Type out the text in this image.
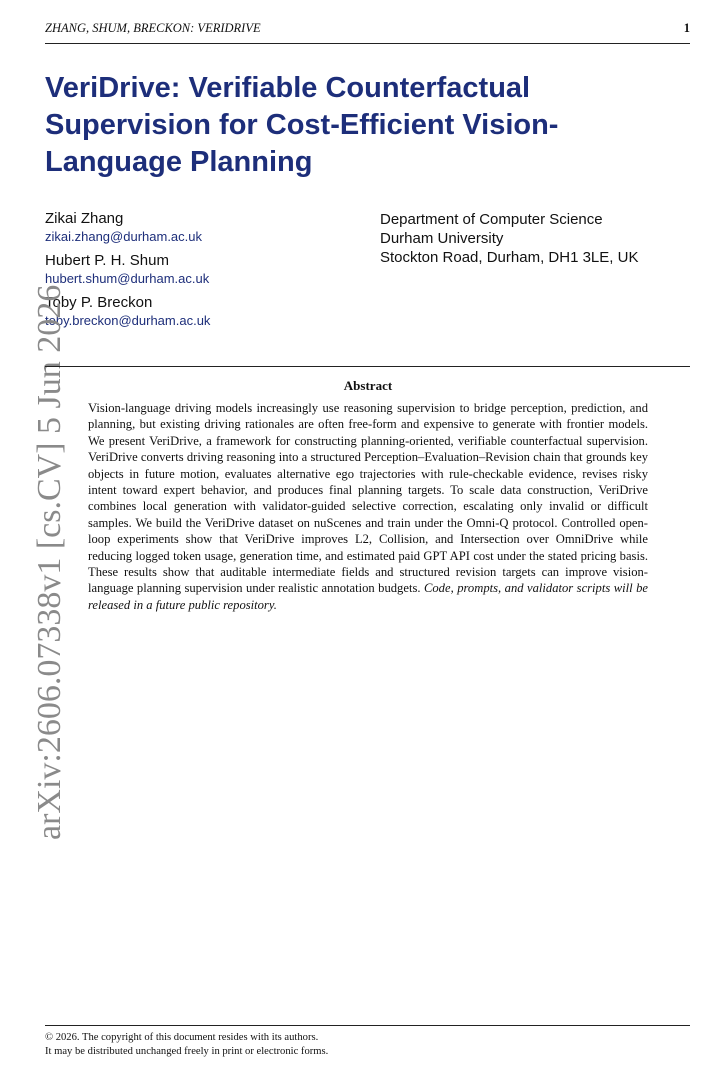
ZHANG, SHUM, BRECKON: VERIDRIVE	1
VeriDrive: Verifiable Counterfactual Supervision for Cost-Efficient Vision-Language Planning
Zikai Zhang
zikai.zhang@durham.ac.uk
Hubert P. H. Shum
hubert.shum@durham.ac.uk
Toby P. Breckon
toby.breckon@durham.ac.uk
Department of Computer Science
Durham University
Stockton Road, Durham, DH1 3LE, UK
arXiv:2606.07338v1 [cs.CV] 5 Jun 2026	Abstract

Vision-language driving models increasingly use reasoning supervision to bridge perception, prediction, and planning, but existing driving rationales are often free-form and expensive to generate with frontier models. We present VeriDrive, a framework for constructing planning-oriented, verifiable counterfactual supervision. VeriDrive converts driving reasoning into a structured Perception–Evaluation–Revision chain that grounds key objects in future motion, evaluates alternative ego trajectories with rule-checkable evidence, revises risky intent toward expert behavior, and produces final planning targets. To scale data construction, VeriDrive combines local generation with validator-guided selective correction, escalating only invalid or difficult samples. We build the VeriDrive dataset on nuScenes and train under the Omni-Q protocol. Controlled open-loop experiments show that VeriDrive improves L2, Collision, and Intersection over OmniDrive while reducing logged token usage, generation time, and estimated paid GPT API cost under the stated pricing basis. These results show that auditable intermediate fields and structured revision targets can improve vision-language planning supervision under realistic annotation budgets. Code, prompts, and validator scripts will be released in a future public repository.

© 2026. The copyright of this document resides with its authors.
It may be distributed unchanged freely in print or electronic forms.
